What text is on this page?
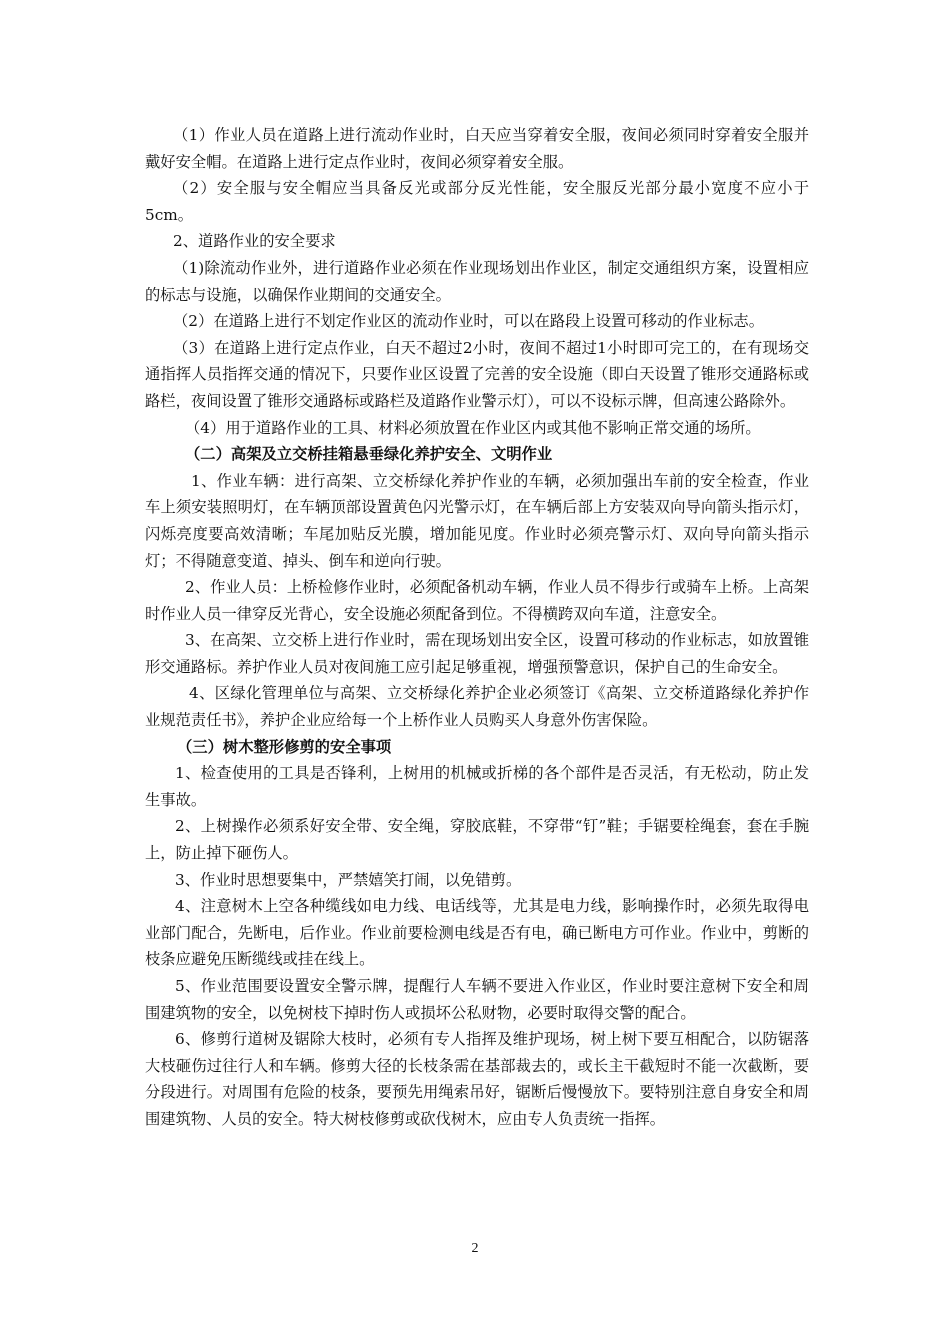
（1）作业人员在道路上进行流动作业时，白天应当穿着安全服，夜间必须同时穿着安全服并戴好安全帽。在道路上进行定点作业时，夜间必须穿着安全服。

（2）安全服与安全帽应当具备反光或部分反光性能，安全服反光部分最小宽度不应小于5cm。

2、道路作业的安全要求

（1)除流动作业外，进行道路作业必须在作业现场划出作业区，制定交通组织方案，设置相应的标志与设施，以确保作业期间的交通安全。

（2）在道路上进行不划定作业区的流动作业时，可以在路段上设置可移动的作业标志。

（3）在道路上进行定点作业，白天不超过2小时，夜间不超过1小时即可完工的，在有现场交通指挥人员指挥交通的情况下，只要作业区设置了完善的安全设施（即白天设置了锥形交通路标或路栏，夜间设置了锥形交通路标或路栏及道路作业警示灯），可以不设标示牌，但高速公路除外。

（4）用于道路作业的工具、材料必须放置在作业区内或其他不影响正常交通的场所。

（二）高架及立交桥挂箱悬垂绿化养护安全、文明作业

1、作业车辆：进行高架、立交桥绿化养护作业的车辆，必须加强出车前的安全检查，作业车上须安装照明灯，在车辆顶部设置黄色闪光警示灯，在车辆后部上方安装双向导向箭头指示灯，闪烁亮度要高效清晰；车尾加贴反光膜，增加能见度。作业时必须亮警示灯、双向导向箭头指示灯；不得随意变道、掉头、倒车和逆向行驶。

2、作业人员：上桥检修作业时，必须配备机动车辆，作业人员不得步行或骑车上桥。上高架时作业人员一律穿反光背心，安全设施必须配备到位。不得横跨双向车道，注意安全。

3、在高架、立交桥上进行作业时，需在现场划出安全区，设置可移动的作业标志，如放置锥形交通路标。养护作业人员对夜间施工应引起足够重视，增强预警意识，保护自己的生命安全。

4、区绿化管理单位与高架、立交桥绿化养护企业必须签订《高架、立交桥道路绿化养护作业规范责任书》，养护企业应给每一个上桥作业人员购买人身意外伤害保险。

（三）树木整形修剪的安全事项

1、检查使用的工具是否锋利，上树用的机械或折梯的各个部件是否灵活，有无松动，防止发生事故。

2、上树操作必须系好安全带、安全绳，穿胶底鞋，不穿带“钉”鞋；手锯要栓绳套，套在手腕上，防止掉下砸伤人。

3、作业时思想要集中，严禁嬉笑打闹，以免错剪。

4、注意树木上空各种缆线如电力线、电话线等，尤其是电力线，影响操作时，必须先取得电业部门配合，先断电，后作业。作业前要检测电线是否有电，确已断电方可作业。作业中，剪断的枝条应避免压断缆线或挂在线上。

5、作业范围要设置安全警示牌，提醒行人车辆不要进入作业区，作业时要注意树下安全和周围建筑物的安全，以免树枝下掉时伤人或损坏公私财物，必要时取得交警的配合。

6、修剪行道树及锯除大枝时，必须有专人指挥及维护现场，树上树下要互相配合，以防锯落大枝砸伤过往行人和车辆。修剪大径的长枝条需在基部裁去的，或长主干截短时不能一次截断，要分段进行。对周围有危险的枝条，要预先用绳索吊好，锯断后慢慢放下。要特别注意自身安全和周围建筑物、人员的安全。特大树枝修剪或砍伐树木，应由专人负责统一指挥。

2
